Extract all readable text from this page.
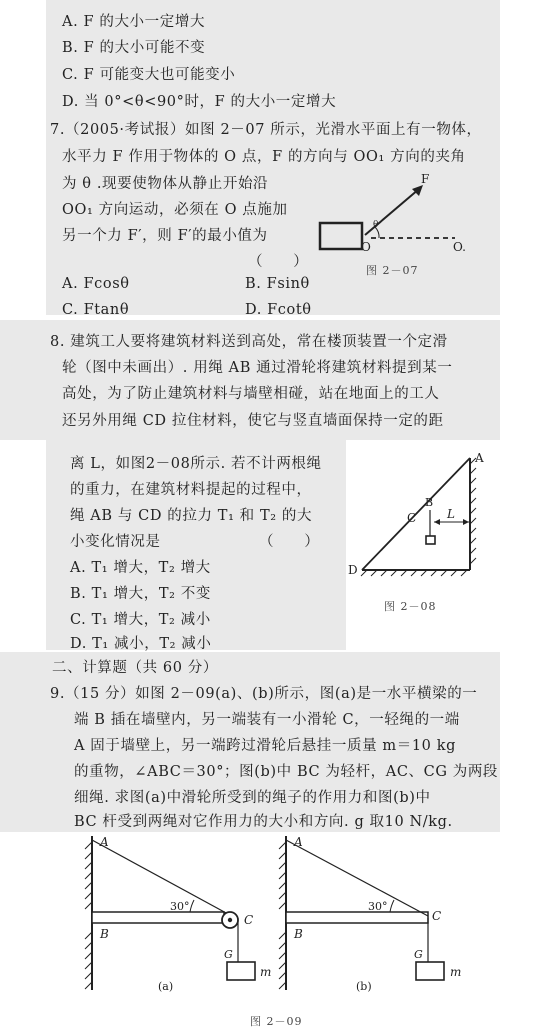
A. F 的大小一定增大
B. F 的大小可能不变
C. F 可能变大也可能变小
D. 当 0°<θ<90°时，F 的大小一定增大
7.（2005·考试报）如图 2－07 所示，光滑水平面上有一物体，
水平力 F 作用于物体的 O 点，F 的方向与 OO₁ 方向的夹角
为 θ .现要使物体从静止开始沿
OO₁ 方向运动，必须在 O 点施加
另一个力 F′，则 F′的最小值为
（　　）
A. Fcosθ	B. Fsinθ
C. Ftanθ	D. Fcotθ
F
θ
O	O.
图 2－07
8. 建筑工人要将建筑材料送到高处，常在楼顶装置一个定滑
轮（图中未画出）. 用绳 AB 通过滑轮将建筑材料提到某一
高处，为了防止建筑材料与墙壁相碰，站在地面上的工人
还另外用绳 CD 拉住材料，使它与竖直墙面保持一定的距
离 L，如图2－08所示. 若不计两根绳
的重力，在建筑材料提起的过程中，
绳 AB 与 CD 的拉力 T₁ 和 T₂ 的大
小变化情况是　　　　　　　（　　）
A. T₁ 增大，T₂ 增大
B. T₁ 增大，T₂ 不变
C. T₁ 增大，T₂ 减小
D. T₁ 减小，T₂ 减小
A
B
C
D
L
图 2－08
二、计算题（共 60 分）
9.（15 分）如图 2－09(a)、(b)所示，图(a)是一水平横梁的一
端 B 插在墙壁内，另一端装有一小滑轮 C，一轻绳的一端
A 固于墙壁上，另一端跨过滑轮后悬挂一质量 m＝10 kg
的重物，∠ABC＝30°；图(b)中 BC 为轻杆，AC、CG 为两段
细绳. 求图(a)中滑轮所受到的绳子的作用力和图(b)中
BC 杆受到两绳对它作用力的大小和方向. g 取10 N/kg.
A
B
C
G
m
30°
(a)
A
B
C
G
m
30°
(b)
图 2－09
